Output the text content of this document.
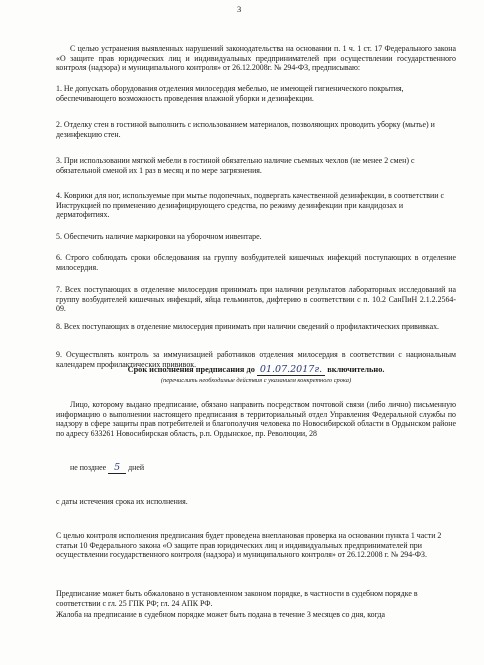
3

С целью устранения выявленных нарушений законодательства на основании п. 1 ч. 1 ст. 17 Федерального закона «О защите прав юридических лиц и индивидуальных предпринимателей при осуществлении государственного контроля (надзора) и муниципального контроля» от 26.12.2008г. № 294-ФЗ, предписываю:

1. Не допускать оборудования отделения милосердия мебелью, не имеющей гигиенического покрытия, обеспечивающего возможность проведения влажной уборки и дезинфекции.

2. Отделку стен в гостиной выполнить с использованием материалов, позволяющих проводить уборку (мытье) и дезинфекцию стен.

3. При использовании мягкой мебели в гостиной обязательно наличие съемных чехлов (не менее 2 смен) с обязательной сменой их 1 раз в месяц и по мере загрязнения.

4. Коврики для ног, используемые при мытье подопечных, подвергать качественной дезинфекции, в соответствии с Инструкцией по применению дезинфицирующего средства, по режиму дезинфекции при кандидозах и дерматофитиях.

5. Обеспечить наличие маркировки на уборочном инвентаре.

6. Строго соблюдать сроки обследования на группу возбудителей кишечных инфекций поступающих в отделение милосердия.

7. Всех поступающих в отделение милосердия принимать при наличии результатов лабораторных исследований на группу возбудителей кишечных инфекций, яйца гельминтов, дифтерию в соответствии с п. 10.2 СанПиН 2.1.2.2564-09.

8. Всех поступающих в отделение милосердия принимать при наличии сведений о профилактических прививках.

9. Осуществлять контроль за иммунизацией работников отделения милосердия в соответствии с национальным календарем профилактических прививок.

Срок исполнения предписания до 01.07.2017г. включительно.
(перечислить необходимые действия с указанием конкретного срока)

Лицо, которому выдано предписание, обязано направить посредством почтовой связи (либо лично) письменную информацию о выполнении настоящего предписания в территориальный отдел Управления Федеральной службы по надзору в сфере защиты прав потребителей и благополучия человека по Новосибирской области в Ордынском районе по адресу 633261 Новосибирская область, р.п. Ордынское, пр. Революции, 28

не позднее 5 дней

с даты истечения срока их исполнения.

С целью контроля исполнения предписания будет проведена внеплановая проверка на основании пункта 1 части 2 статьи 10 Федерального закона «О защите прав юридических лиц и индивидуальных предпринимателей при осуществлении государственного контроля (надзора) и муниципального контроля» от 26.12.2008 г. № 294-ФЗ.

Предписание может быть обжаловано в установленном законом порядке, в частности в судебном порядке в соответствии с гл. 25 ГПК РФ; гл. 24 АПК РФ.

Жалоба на предписание в судебном порядке может быть подана в течение 3 месяцев со дня, когда
